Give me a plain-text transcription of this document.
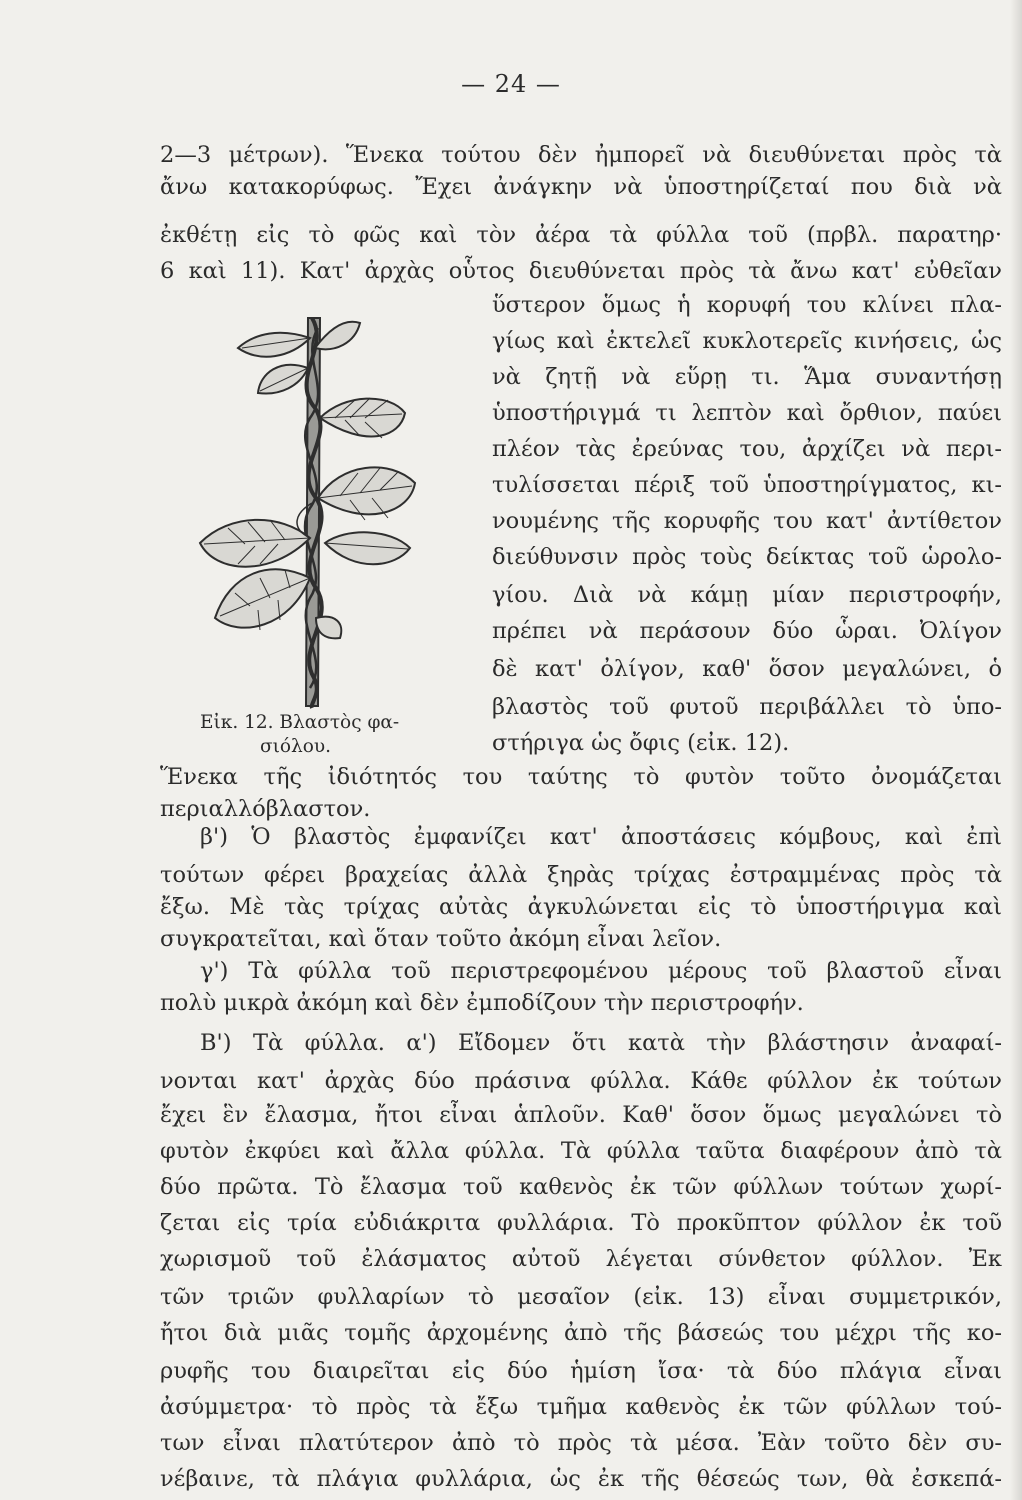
— 24 —
2—3 μέτρων). Ἕνεκα τούτου δὲν ἠμπορεῖ νὰ διευθύνεται πρὸς τὰ
ἄνω κατακορύφως. Ἔχει ἀνάγκην νὰ ὑποστηρίζεταί που διὰ νὰ
ἐκθέτῃ εἰς τὸ φῶς καὶ τὸν ἀέρα τὰ φύλλα τοῦ (πρβλ. παρατηρ·
6 καὶ 11). Κατ' ἀρχὰς οὗτος διευθύνεται πρὸς τὰ ἄνω κατ' εὐθεῖαν
Εἰκ. 12. Βλαστὸς φα-
σιόλου.
ὕστερον ὅμως ἡ κορυφή του κλίνει πλα-
γίως καὶ ἐκτελεῖ κυκλοτερεῖς κινήσεις, ὡς
νὰ ζητῇ νὰ εὕρῃ τι. Ἅμα συναντήσῃ
ὑποστήριγμά τι λεπτὸν καὶ ὄρθιον, παύει
πλέον τὰς ἐρεύνας του, ἀρχίζει νὰ περι-
τυλίσσεται πέριξ τοῦ ὑποστηρίγματος, κι-
νουμένης τῆς κορυφῆς του κατ' ἀντίθετον
διεύθυνσιν πρὸς τοὺς δείκτας τοῦ ὡρολο-
γίου. Διὰ νὰ κάμῃ μίαν περιστροφήν,
πρέπει νὰ περάσουν δύο ὧραι. Ὀλίγον
δὲ κατ' ὀλίγον, καθ' ὅσον μεγαλώνει, ὁ
βλαστὸς τοῦ φυτοῦ περιβάλλει τὸ ὑπο-
στήριγα ὡς ὄφις (εἰκ. 12).
Ἕνεκα τῆς ἰδιότητός του ταύτης τὸ φυτὸν τοῦτο ὀνομάζεται
περιαλλόβλαστον.
β') Ὁ βλαστὸς ἐμφανίζει κατ' ἀποστάσεις κόμβους, καὶ ἐπὶ
τούτων φέρει βραχείας ἀλλὰ ξηρὰς τρίχας ἐστραμμένας πρὸς τὰ
ἔξω. Μὲ τὰς τρίχας αὐτὰς ἀγκυλώνεται εἰς τὸ ὑποστήριγμα καὶ
συγκρατεῖται, καὶ ὅταν τοῦτο ἀκόμη εἶναι λεῖον.
γ') Τὰ φύλλα τοῦ περιστρεφομένου μέρους τοῦ βλαστοῦ εἶναι
πολὺ μικρὰ ἀκόμη καὶ δὲν ἐμποδίζουν τὴν περιστροφήν.
Β') Τὰ φύλλα. α') Εἴδομεν ὅτι κατὰ τὴν βλάστησιν ἀναφαί-
νονται κατ' ἀρχὰς δύο πράσινα φύλλα. Κάθε φύλλον ἐκ τούτων
ἔχει ἓν ἔλασμα, ἤτοι εἶναι ἁπλοῦν. Καθ' ὅσον ὅμως μεγαλώνει τὸ
φυτὸν ἐκφύει καὶ ἄλλα φύλλα. Τὰ φύλλα ταῦτα διαφέρουν ἀπὸ τὰ
δύο πρῶτα. Τὸ ἔλασμα τοῦ καθενὸς ἐκ τῶν φύλλων τούτων χωρί-
ζεται εἰς τρία εὐδιάκριτα φυλλάρια. Τὸ προκῦπτον φύλλον ἐκ τοῦ
χωρισμοῦ τοῦ ἐλάσματος αὐτοῦ λέγεται σύνθετον φύλλον. Ἐκ
τῶν τριῶν φυλλαρίων τὸ μεσαῖον (εἰκ. 13) εἶναι συμμετρικόν,
ἤτοι διὰ μιᾶς τομῆς ἀρχομένης ἀπὸ τῆς βάσεώς του μέχρι τῆς κο-
ρυφῆς του διαιρεῖται εἰς δύο ἡμίση ἴσα· τὰ δύο πλάγια εἶναι
ἀσύμμετρα· τὸ πρὸς τὰ ἔξω τμῆμα καθενὸς ἐκ τῶν φύλλων τού-
των εἶναι πλατύτερον ἀπὸ τὸ πρὸς τὰ μέσα. Ἐὰν τοῦτο δὲν συ-
νέβαινε, τὰ πλάγια φυλλάρια, ὡς ἐκ τῆς θέσεώς των, θὰ ἐσκεπά-
